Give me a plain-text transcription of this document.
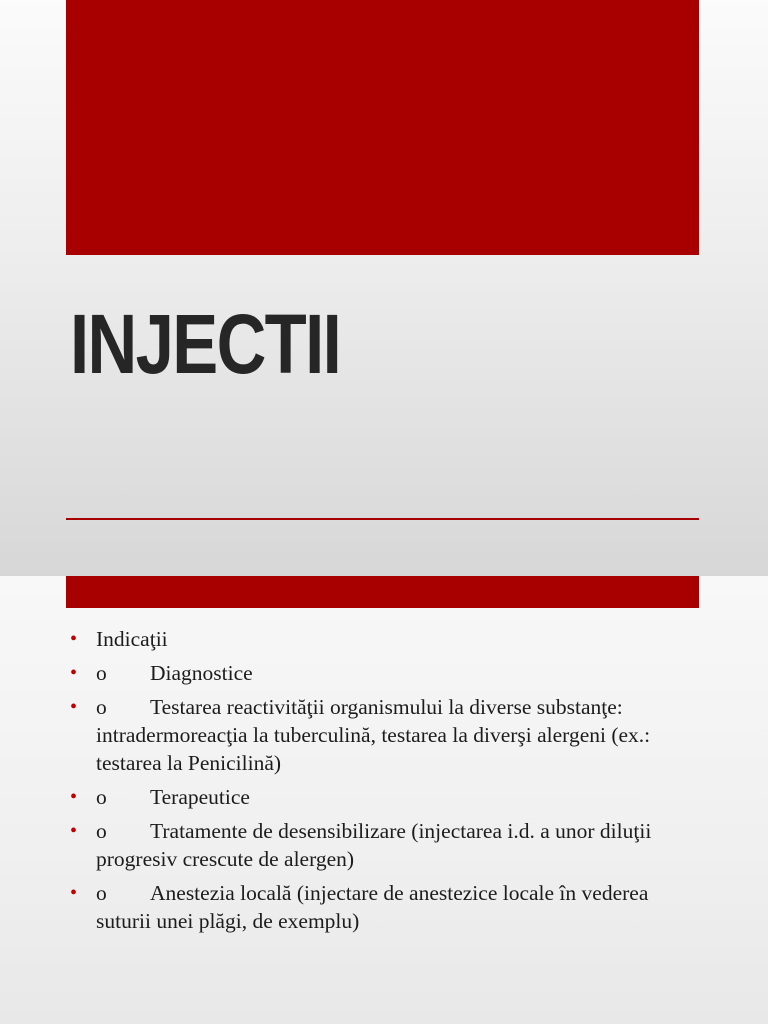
INJECTII
• Indicaţii
• o Diagnostice
• o Testarea reactivităţii organismului la diverse substanţe: intradermoreacţia la tuberculină, testarea la diverşi alergeni (ex.: testarea la Penicilină)
• o Terapeutice
• o Tratamente de desensibilizare (injectarea i.d. a unor diluţii progresiv crescute de alergen)
• o Anestezia locală (injectare de anestezice locale în vederea suturii unei plăgi, de exemplu)
